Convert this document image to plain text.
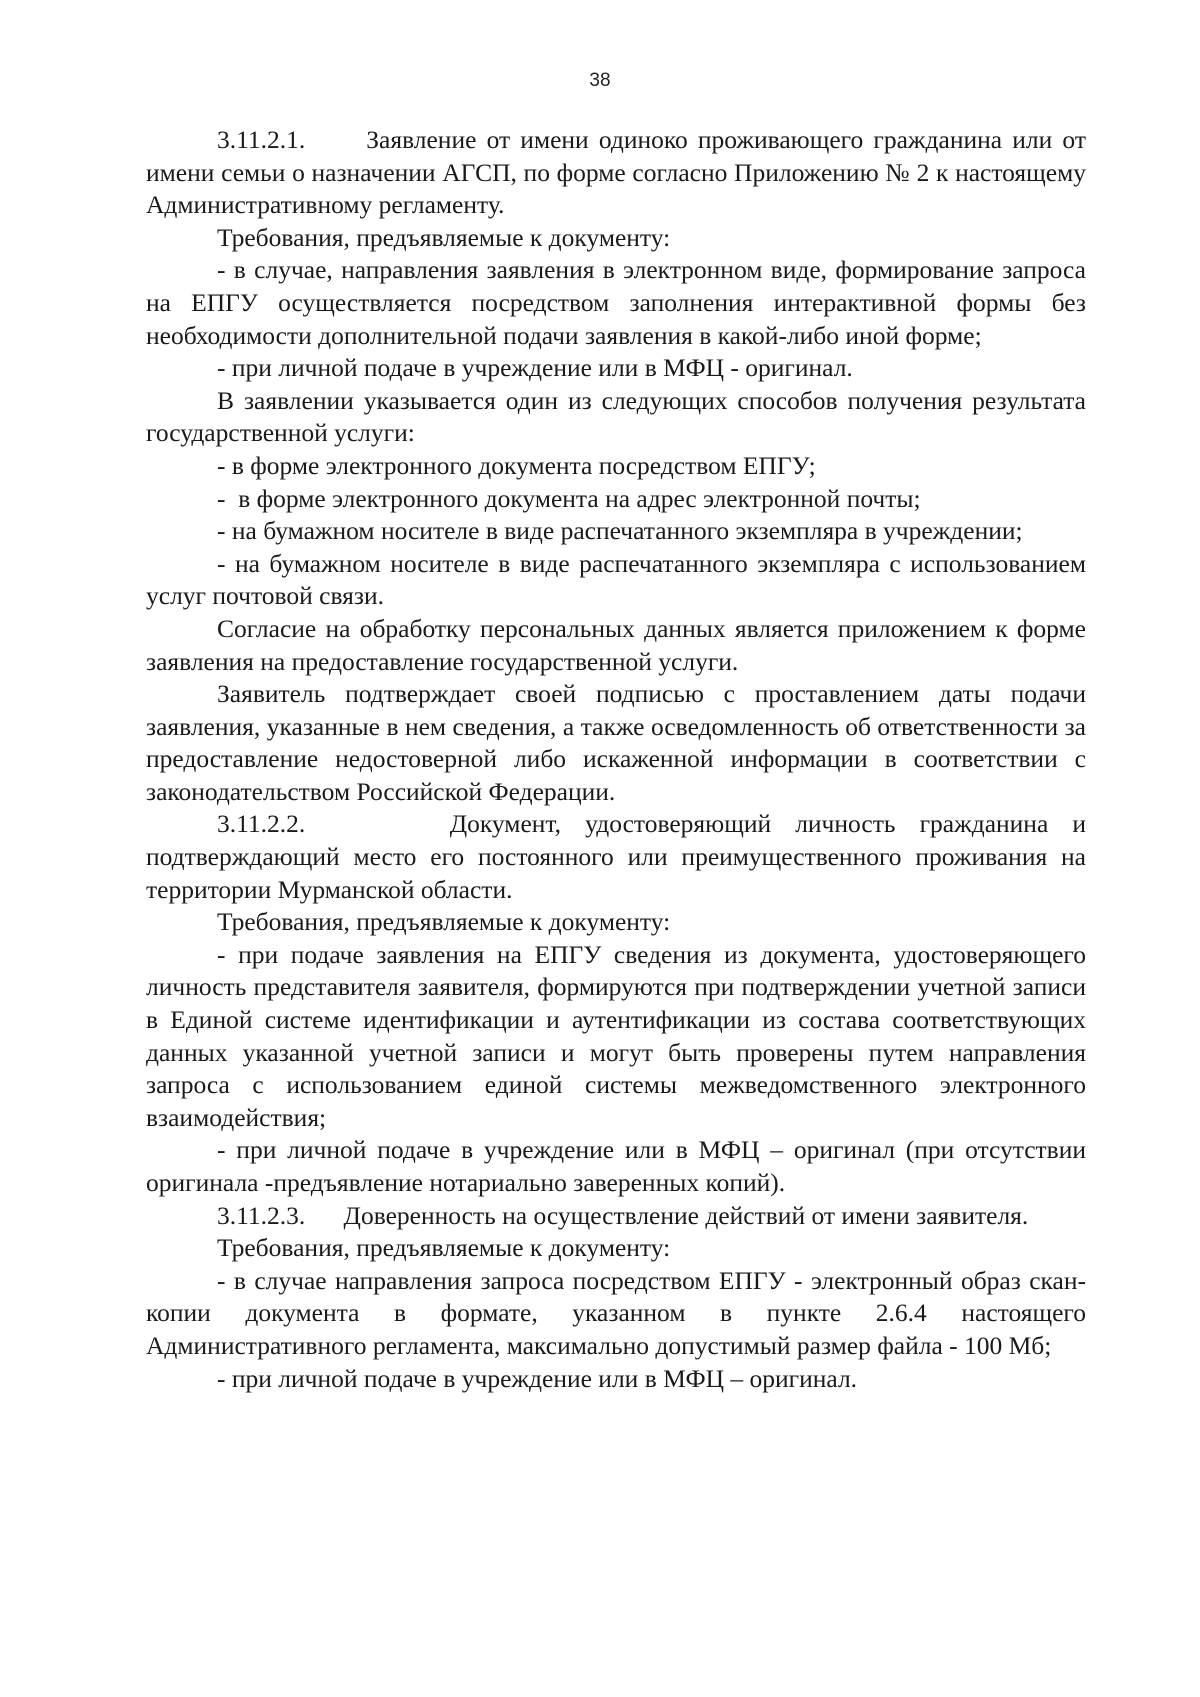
38

3.11.2.1.      Заявление от имени одиноко проживающего гражданина или от имени семьи о назначении АГСП, по форме согласно Приложению № 2 к настоящему Административному регламенту.

Требования, предъявляемые к документу:

- в случае, направления заявления в электронном виде, формирование запроса на ЕПГУ осуществляется посредством заполнения интерактивной формы без необходимости дополнительной подачи заявления в какой-либо иной форме;

- при личной подаче в учреждение или в МФЦ - оригинал.

В заявлении указывается один из следующих способов получения результата государственной услуги:

- в форме электронного документа посредством ЕПГУ;

-  в форме электронного документа на адрес электронной почты;

- на бумажном носителе в виде распечатанного экземпляра в учреждении;

- на бумажном носителе в виде распечатанного экземпляра с использованием услуг почтовой связи.

Согласие на обработку персональных данных является приложением к форме заявления на предоставление государственной услуги.

Заявитель подтверждает своей подписью с проставлением даты подачи заявления, указанные в нем сведения, а также осведомленность об ответственности за предоставление недостоверной либо искаженной информации в соответствии с законодательством Российской Федерации.

3.11.2.2.      Документ, удостоверяющий личность гражданина и подтверждающий место его постоянного или преимущественного проживания на территории Мурманской области.

Требования, предъявляемые к документу:

- при подаче заявления на ЕПГУ сведения из документа, удостоверяющего личность представителя заявителя, формируются при подтверждении учетной записи в Единой системе идентификации и аутентификации из состава соответствующих данных указанной учетной записи и могут быть проверены путем направления запроса с использованием единой системы межведомственного электронного взаимодействия;

- при личной подаче в учреждение или в МФЦ – оригинал (при отсутствии оригинала -предъявление нотариально заверенных копий).

3.11.2.3.      Доверенность на осуществление действий от имени заявителя.

Требования, предъявляемые к документу:

- в случае направления запроса посредством ЕПГУ - электронный образ скан-копии документа в формате, указанном в пункте 2.6.4 настоящего Административного регламента, максимально допустимый размер файла - 100 Мб;

- при личной подаче в учреждение или в МФЦ – оригинал.
